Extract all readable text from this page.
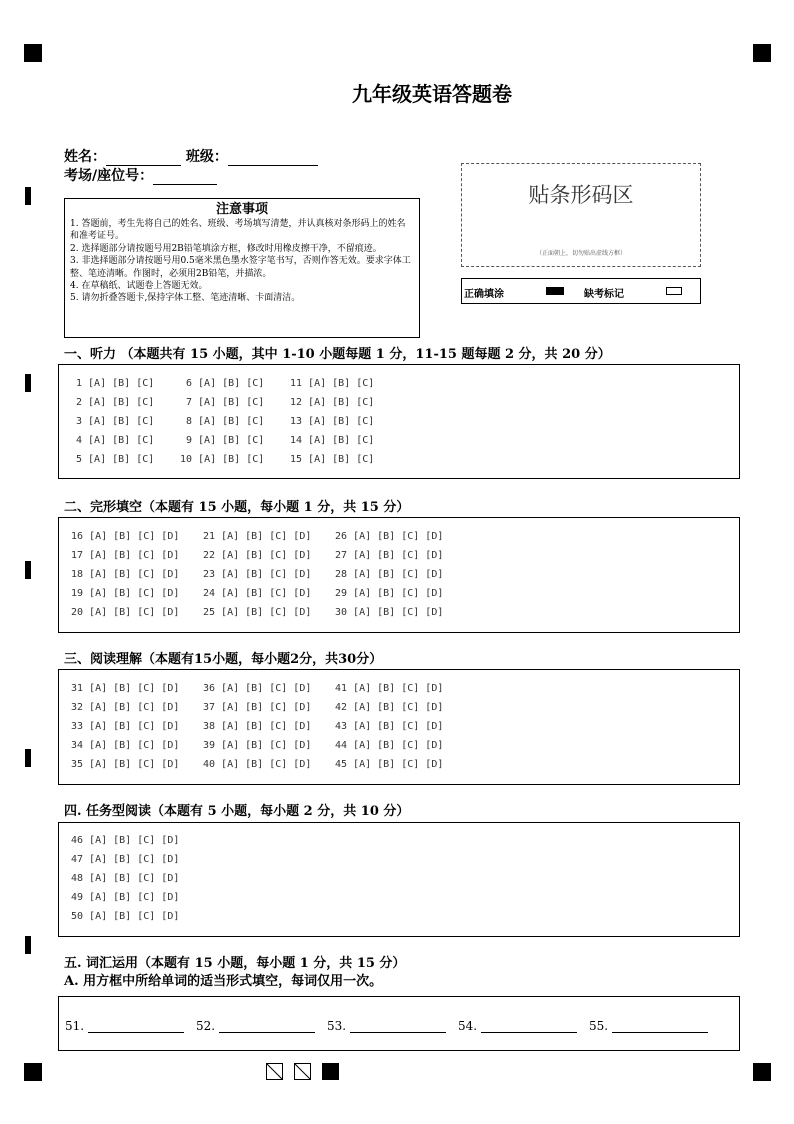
九年级英语答题卷
姓名：	班级：
考场/座位号：
注意事项
1. 答题前，考生先将自己的姓名、班级、考场填写清楚，并认真核对条形码上的姓名和准考证号。
2. 选择题部分请按题号用2B铅笔填涂方框，修改时用橡皮擦干净，不留痕迹。
3. 非选择题部分请按题号用0.5毫米黑色墨水签字笔书写，否则作答无效。要求字体工整、笔迹清晰。作图时，必须用2B铅笔，并描浓。
4. 在草稿纸、试题卷上答题无效。
5. 请勿折叠答题卡,保持字体工整、笔迹清晰、卡面清洁。
贴条形码区
（正面朝上，切勿贴出虚线方框）
正确填涂	缺考标记
一、听力 （本题共有 15 小题，其中 1-10 小题每题 1 分，11-15 题每题 2 分，共 20 分）
1 [A] [B] [C]
2 [A] [B] [C]
3 [A] [B] [C]
4 [A] [B] [C]
5 [A] [B] [C]
6 [A] [B] [C]
7 [A] [B] [C]
8 [A] [B] [C]
9 [A] [B] [C]
10 [A] [B] [C]
11 [A] [B] [C]
12 [A] [B] [C]
13 [A] [B] [C]
14 [A] [B] [C]
15 [A] [B] [C]
二、完形填空（本题有 15 小题，每小题 1 分，共 15 分）
16 [A] [B] [C] [D]
17 [A] [B] [C] [D]
18 [A] [B] [C] [D]
19 [A] [B] [C] [D]
20 [A] [B] [C] [D]
21 [A] [B] [C] [D]
22 [A] [B] [C] [D]
23 [A] [B] [C] [D]
24 [A] [B] [C] [D]
25 [A] [B] [C] [D]
26 [A] [B] [C] [D]
27 [A] [B] [C] [D]
28 [A] [B] [C] [D]
29 [A] [B] [C] [D]
30 [A] [B] [C] [D]
三、阅读理解（本题有15小题，每小题2分，共30分）
31 [A] [B] [C] [D]
32 [A] [B] [C] [D]
33 [A] [B] [C] [D]
34 [A] [B] [C] [D]
35 [A] [B] [C] [D]
36 [A] [B] [C] [D]
37 [A] [B] [C] [D]
38 [A] [B] [C] [D]
39 [A] [B] [C] [D]
40 [A] [B] [C] [D]
41 [A] [B] [C] [D]
42 [A] [B] [C] [D]
43 [A] [B] [C] [D]
44 [A] [B] [C] [D]
45 [A] [B] [C] [D]
四. 任务型阅读（本题有 5 小题，每小题 2 分，共 10 分）
46 [A] [B] [C] [D]
47 [A] [B] [C] [D]
48 [A] [B] [C] [D]
49 [A] [B] [C] [D]
50 [A] [B] [C] [D]
五. 词汇运用（本题有 15 小题，每小题 1 分，共 15 分）
A. 用方框中所给单词的适当形式填空，每词仅用一次。
51.	52.	53.	54.	55.
